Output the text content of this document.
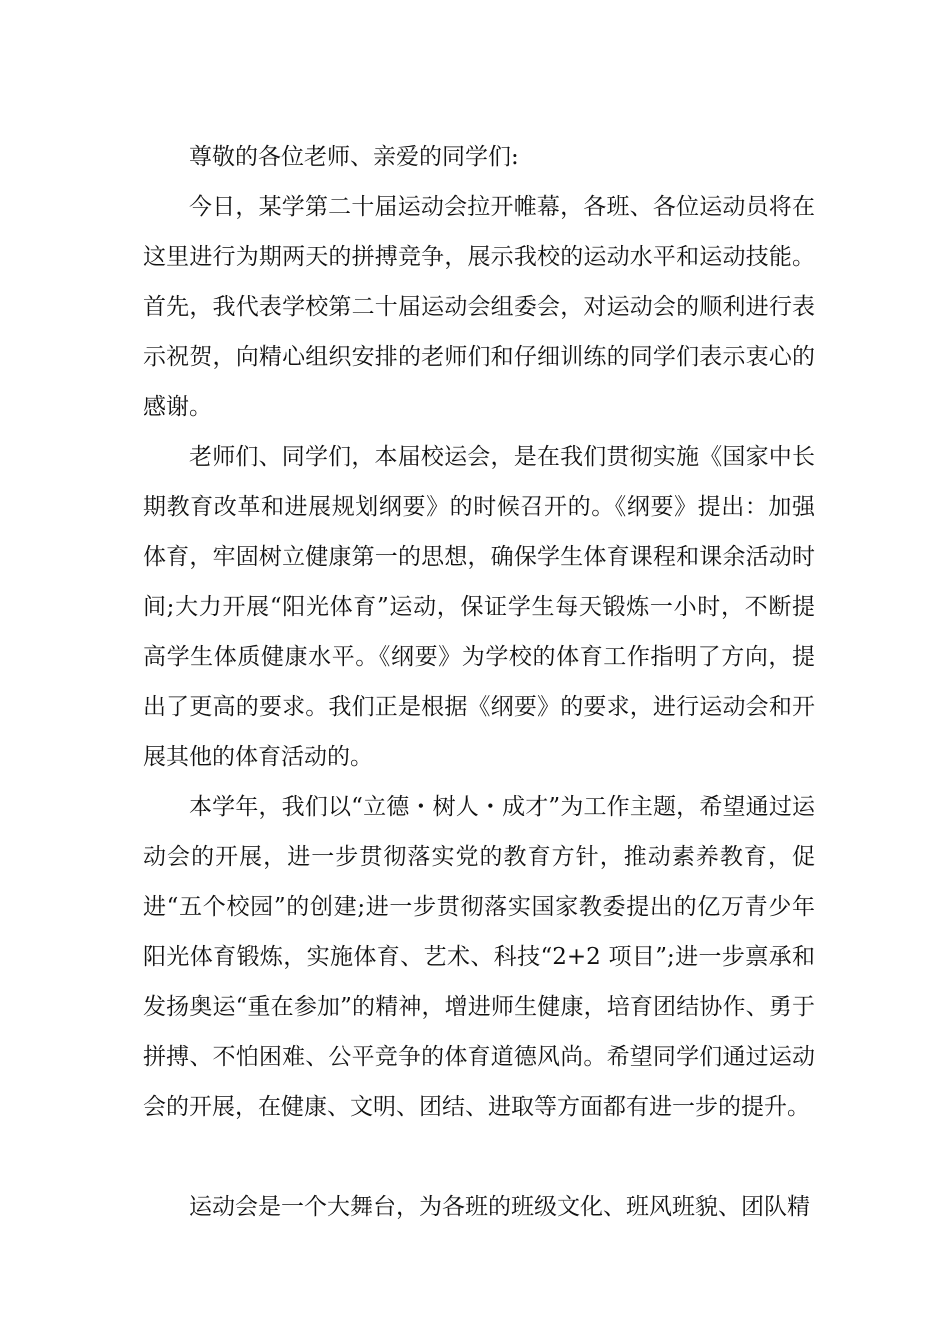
尊敬的各位老师、亲爱的同学们:

今日，某学第二十届运动会拉开帷幕，各班、各位运动员将在这里进行为期两天的拼搏竞争，展示我校的运动水平和运动技能。首先，我代表学校第二十届运动会组委会，对运动会的顺利进行表示祝贺，向精心组织安排的老师们和仔细训练的同学们表示衷心的感谢。

老师们、同学们，本届校运会，是在我们贯彻实施《国家中长期教育改革和进展规划纲要》的时候召开的。《纲要》提出：加强体育，牢固树立健康第一的思想，确保学生体育课程和课余活动时间;大力开展“阳光体育”运动，保证学生每天锻炼一小时，不断提高学生体质健康水平。《纲要》为学校的体育工作指明了方向，提出了更高的要求。我们正是根据《纲要》的要求，进行运动会和开展其他的体育活动的。

本学年，我们以“立德・树人・成才”为工作主题，希望通过运动会的开展，进一步贯彻落实党的教育方针，推动素养教育，促进“五个校园”的创建;进一步贯彻落实国家教委提出的亿万青少年阳光体育锻炼，实施体育、艺术、科技“2+2 项目”;进一步禀承和发扬奥运“重在参加”的精神，增进师生健康，培育团结协作、勇于拼搏、不怕困难、公平竞争的体育道德风尚。希望同学们通过运动会的开展，在健康、文明、团结、进取等方面都有进一步的提升。

运动会是一个大舞台，为各班的班级文化、班风班貌、团队精
